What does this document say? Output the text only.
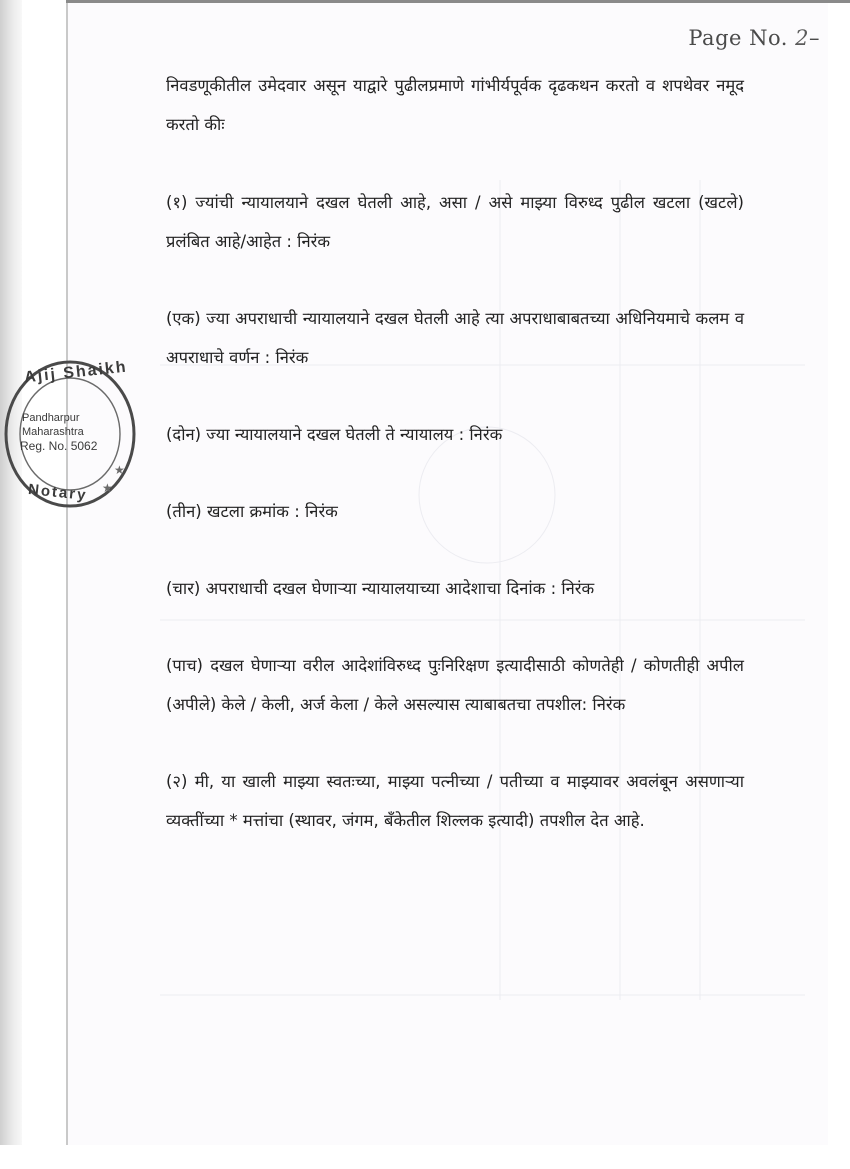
Page No. 2–
★
★
Ajij Shaikh
Pandharpur
Maharashtra
Reg. No. 5062
Notary

निवडणूकीतील उमेदवार असून याद्वारे पुढीलप्रमाणे गांभीर्यपूर्वक दृढकथन करतो व शपथेवर नमूद करतो कीः

(१) ज्यांची न्यायालयाने दखल घेतली आहे, असा / असे माझ्या विरुध्द पुढील खटला (खटले) प्रलंबित आहे/आहेत : निरंक

(एक) ज्या अपराधाची न्यायालयाने दखल घेतली आहे त्या अपराधाबाबतच्या अधिनियमाचे कलम व अपराधाचे वर्णन : निरंक

(दोन) ज्या न्यायालयाने दखल घेतली ते न्यायालय : निरंक

(तीन) खटला क्रमांक : निरंक

(चार) अपराधाची दखल घेणाऱ्या न्यायालयाच्या आदेशाचा दिनांक : निरंक

(पाच) दखल घेणाऱ्या वरील आदेशांविरुध्द पुःनिरिक्षण इत्यादीसाठी कोणतेही / कोणतीही अपील (अपीले) केले / केली, अर्ज केला / केले असल्यास त्याबाबतचा तपशील: निरंक

(२) मी, या खाली माझ्या स्वतःच्या, माझ्या पत्नीच्या / पतीच्या व माझ्यावर अवलंबून असणाऱ्या व्यक्तींच्या * मत्तांचा (स्थावर, जंगम, बँकेतील शिल्लक इत्यादी) तपशील देत आहे.
